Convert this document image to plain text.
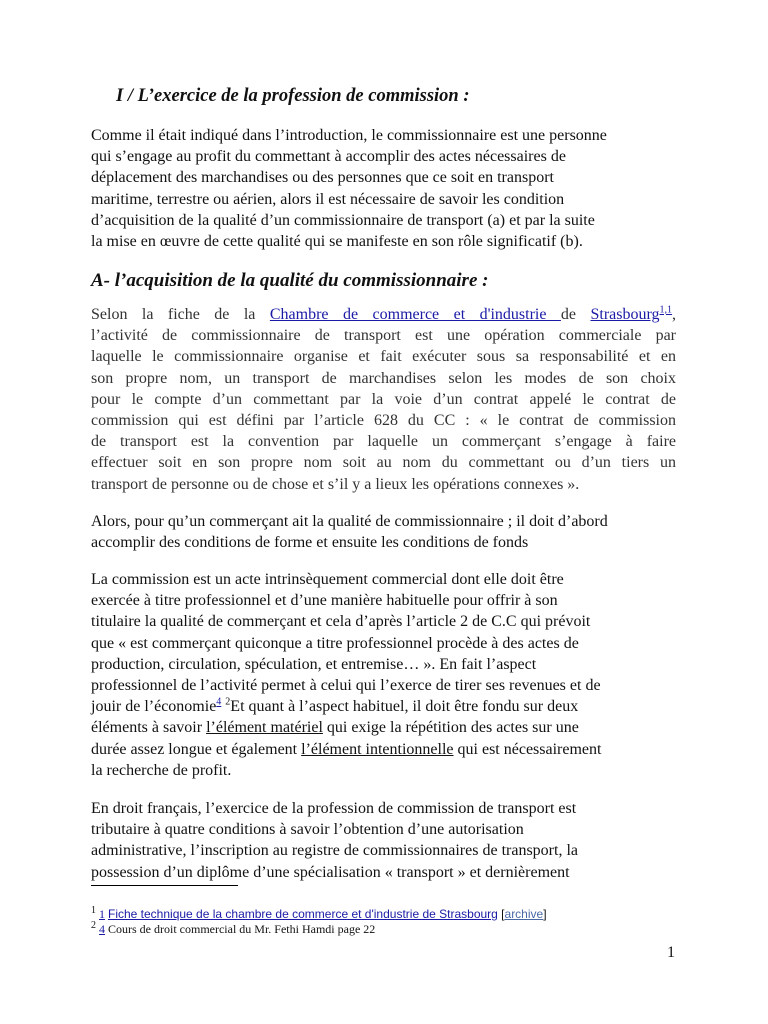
I / L’exercice de la profession de commission :
Comme il était indiqué dans l’introduction, le commissionnaire est une personne
qui s’engage au profit du commettant à accomplir des actes nécessaires de
déplacement des marchandises ou des personnes que ce soit en transport
maritime, terrestre ou aérien, alors il est nécessaire de savoir les condition
d’acquisition de la qualité d’un commissionnaire de transport (a) et par la suite
la mise en œuvre de cette qualité qui se manifeste en son rôle significatif (b).
A- l’acquisition de la qualité du commissionnaire :
Selon la fiche de la Chambre de commerce et d'industrie de Strasbourg$^{1,1}$,
l’activité de commissionnaire de transport est une opération commerciale par
laquelle le commissionnaire organise et fait exécuter sous sa responsabilité et en
son propre nom, un transport de marchandises selon les modes de son choix
pour le compte d’un commettant par la voie d’un contrat appelé le contrat de
commission qui est défini par l’article 628 du CC : « le contrat de commission
de transport est la convention par laquelle un commerçant s’engage à faire
effectuer soit en son propre nom soit au nom du commettant ou d’un tiers un
transport de personne ou de chose et s’il y a lieux les opérations connexes ».
Alors, pour qu’un commerçant ait la qualité de commissionnaire ; il doit d’abord
accomplir des conditions de forme et ensuite les conditions de fonds
La commission est un acte intrinsèquement commercial dont elle doit être
exercée à titre professionnel et d’une manière habituelle pour offrir à son
titulaire la qualité de commerçant et cela d’après l’article 2 de C.C qui prévoit
que « est commerçant quiconque a titre professionnel procède à des actes de
production, circulation, spéculation, et entremise… ». En fait l’aspect
professionnel de l’activité permet à celui qui l’exerce de tirer ses revenues et de
jouir de l’économie$^4$ $^2$Et quant à l’aspect habituel, il doit être fondu sur deux
éléments à savoir l’élément matériel qui exige la répétition des actes sur une
durée assez longue et également l’élément intentionnelle qui est nécessairement
la recherche de profit.
En droit français, l’exercice de la profession de commission de transport est
tributaire à quatre conditions à savoir l’obtention d’une autorisation
administrative, l’inscription au registre de commissionnaires de transport, la
possession d’un diplôme d’une spécialisation « transport » et dernièrement
$^1$ 1 Fiche technique de la chambre de commerce et d'industrie de Strasbourg [archive]
$^2$ 4 Cours de droit commercial du Mr. Fethi Hamdi page 22
1
